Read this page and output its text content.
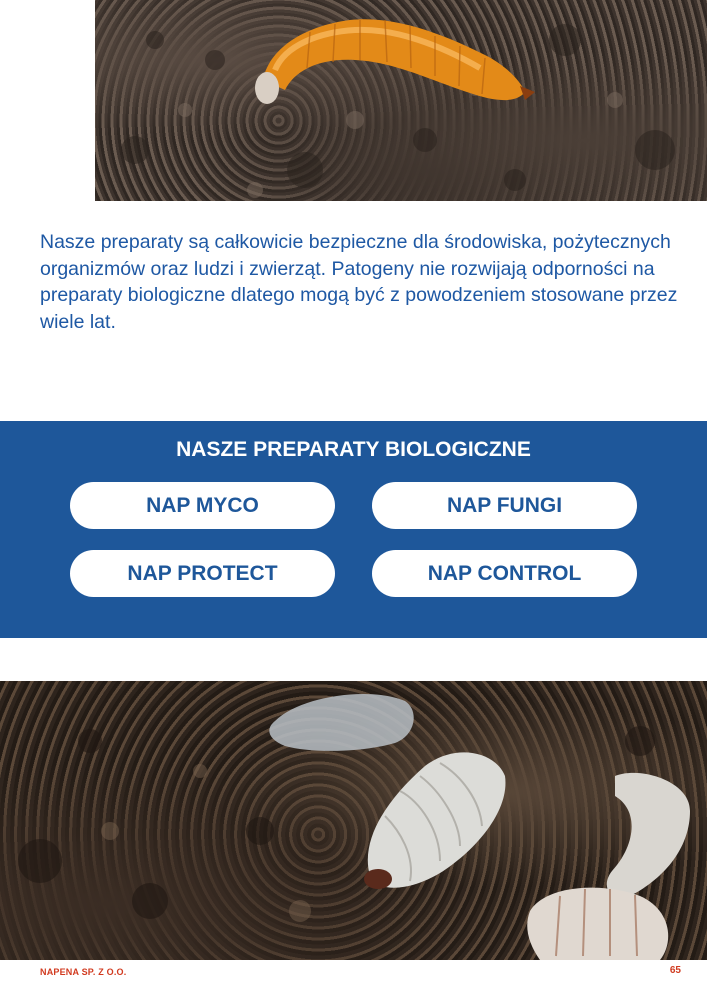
Nasze preparaty są całkowicie bezpieczne dla środowiska, pożytecznych organizmów oraz ludzi i zwierząt. Patogeny nie rozwijają odporności na preparaty biologiczne dlatego mogą być z powodzeniem stosowane przez wiele lat.

NASZE PREPARATY BIOLOGICZNE
NAP MYCO	NAP FUNGI
NAP PROTECT	NAP CONTROL
NAPENA SP. Z O.O.	65
